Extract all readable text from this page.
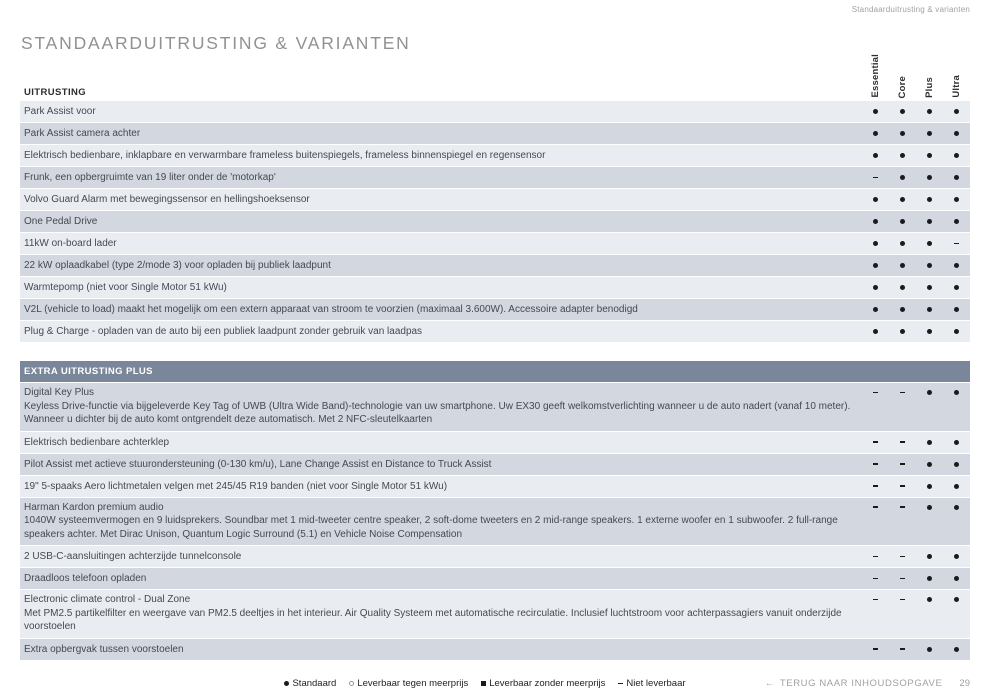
Standaarduitrusting & varianten
STANDAARDUITRUSTING & VARIANTEN
UITRUSTING	Essential Core Plus Ultra
Park Assist voor
Park Assist camera achter
Elektrisch bedienbare, inklapbare en verwarmbare frameless buitenspiegels, frameless binnenspiegel en regensensor
Frunk, een opbergruimte van 19 liter onder de 'motorkap'
Volvo Guard Alarm met bewegingssensor en hellingshoeksensor
One Pedal Drive
11kW on-board lader
22 kW oplaadkabel (type 2/mode 3) voor opladen bij publiek laadpunt
Warmtepomp (niet voor Single Motor 51 kWu)
V2L (vehicle to load) maakt het mogelijk om een extern apparaat van stroom te voorzien (maximaal 3.600W). Accessoire adapter benodigd
Plug & Charge - opladen van de auto bij een publiek laadpunt zonder gebruik van laadpas
EXTRA UITRUSTING PLUS
Digital Key Plus
Keyless Drive-functie via bijgeleverde Key Tag of UWB (Ultra Wide Band)-technologie van uw smartphone. Uw EX30 geeft welkomstverlichting wanneer u de auto nadert (vanaf 10 meter). Wanneer u dichter bij de auto komt ontgrendelt deze automatisch. Met 2 NFC-sleutelkaarten
Elektrisch bedienbare achterklep
Pilot Assist met actieve stuurondersteuning (0-130 km/u), Lane Change Assist en Distance to Truck Assist
19" 5-spaaks Aero lichtmetalen velgen met 245/45 R19 banden (niet voor Single Motor 51 kWu)
Harman Kardon premium audio
1040W systeemvermogen en 9 luidsprekers. Soundbar met 1 mid-tweeter centre speaker, 2 soft-dome tweeters en 2 mid-range speakers. 1 externe woofer en 1 subwoofer. 2 full-range speakers achter. Met Dirac Unison, Quantum Logic Surround (5.1) en Vehicle Noise Compensation
2 USB-C-aansluitingen achterzijde tunnelconsole
Draadloos telefoon opladen
Electronic climate control - Dual Zone
Met PM2.5 partikelfilter en weergave van PM2.5 deeltjes in het interieur. Air Quality Systeem met automatische recirculatie. Inclusief luchtstroom voor achterpassagiers vanuit onderzijde voorstoelen
Extra opbergvak tussen voorstoelen
Standaard Leverbaar tegen meerprijs Leverbaar zonder meerprijs Niet leverbaar	← TERUG NAAR INHOUDSOPGAVE 29
